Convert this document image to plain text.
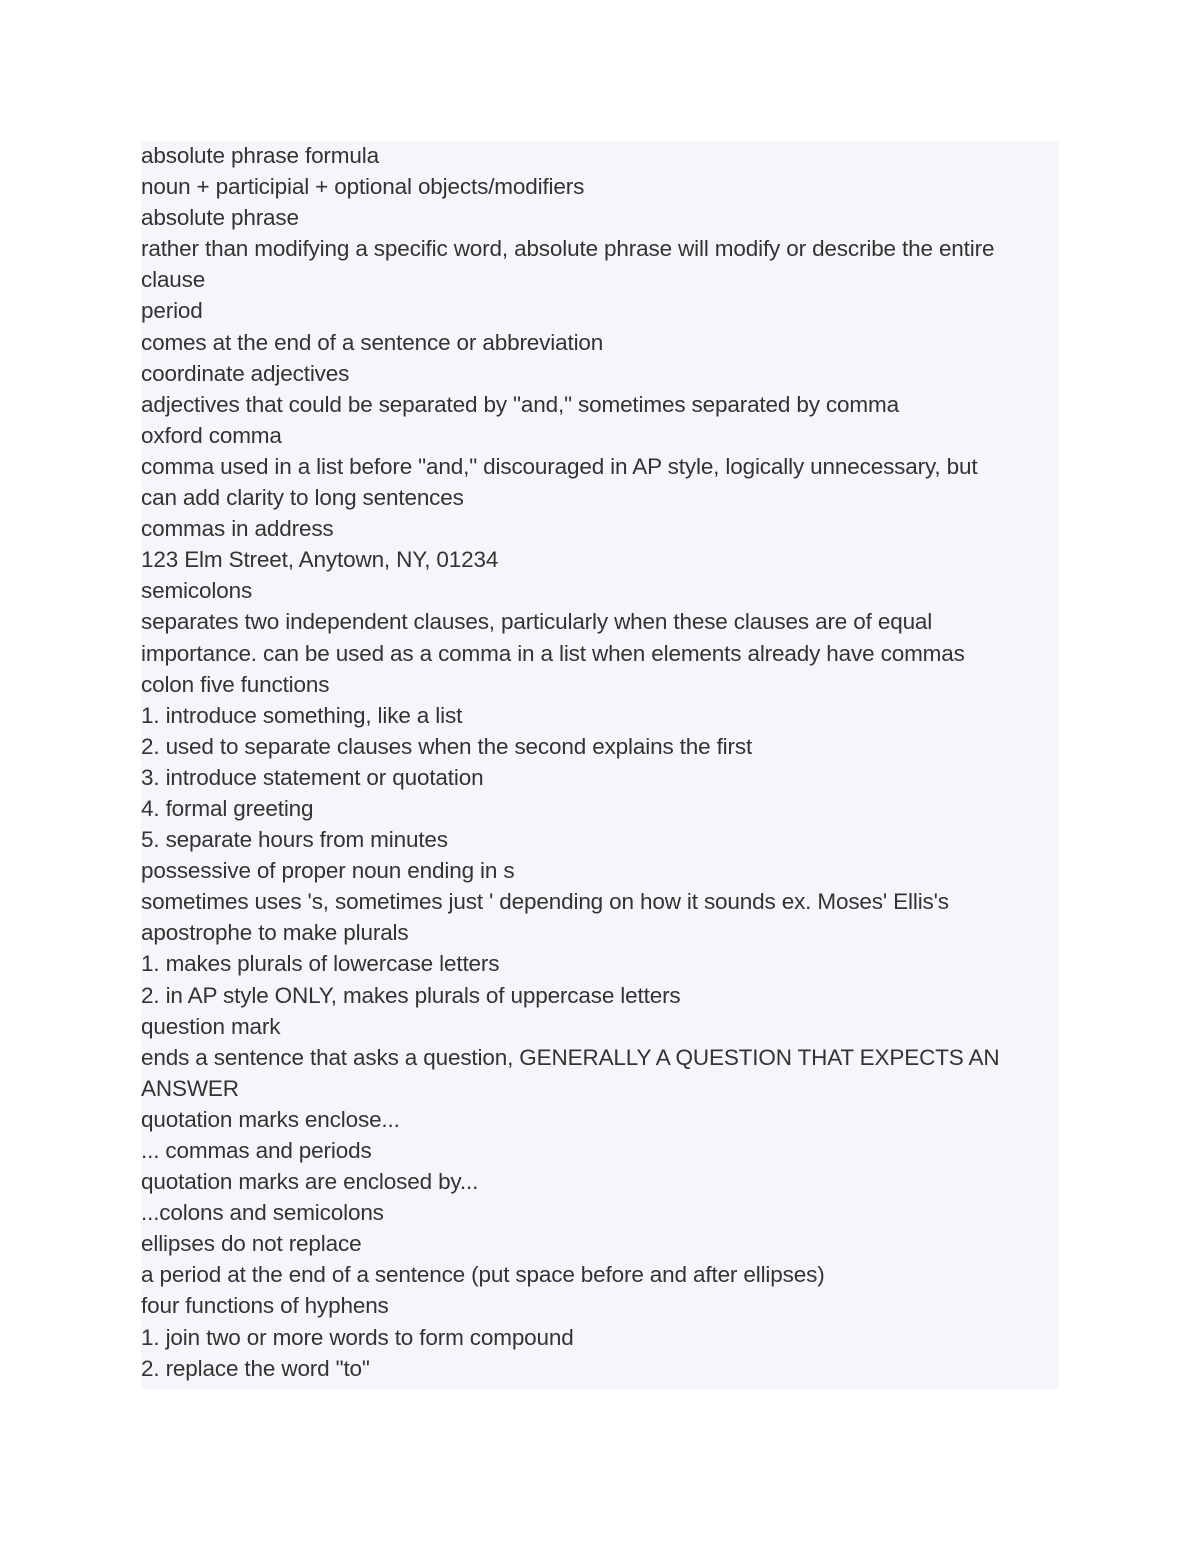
absolute phrase formula
noun + participial + optional objects/modifiers
absolute phrase
rather than modifying a specific word, absolute phrase will modify or describe the entire
clause
period
comes at the end of a sentence or abbreviation
coordinate adjectives
adjectives that could be separated by "and," sometimes separated by comma
oxford comma
comma used in a list before "and," discouraged in AP style, logically unnecessary, but
can add clarity to long sentences
commas in address
123 Elm Street, Anytown, NY, 01234
semicolons
separates two independent clauses, particularly when these clauses are of equal
importance. can be used as a comma in a list when elements already have commas
colon five functions
1. introduce something, like a list
2. used to separate clauses when the second explains the first
3. introduce statement or quotation
4. formal greeting
5. separate hours from minutes
possessive of proper noun ending in s
sometimes uses 's, sometimes just ' depending on how it sounds ex. Moses' Ellis's
apostrophe to make plurals
1. makes plurals of lowercase letters
2. in AP style ONLY, makes plurals of uppercase letters
question mark
ends a sentence that asks a question, GENERALLY A QUESTION THAT EXPECTS AN
ANSWER
quotation marks enclose...
... commas and periods
quotation marks are enclosed by...
...colons and semicolons
ellipses do not replace
a period at the end of a sentence (put space before and after ellipses)
four functions of hyphens
1. join two or more words to form compound
2. replace the word "to"
